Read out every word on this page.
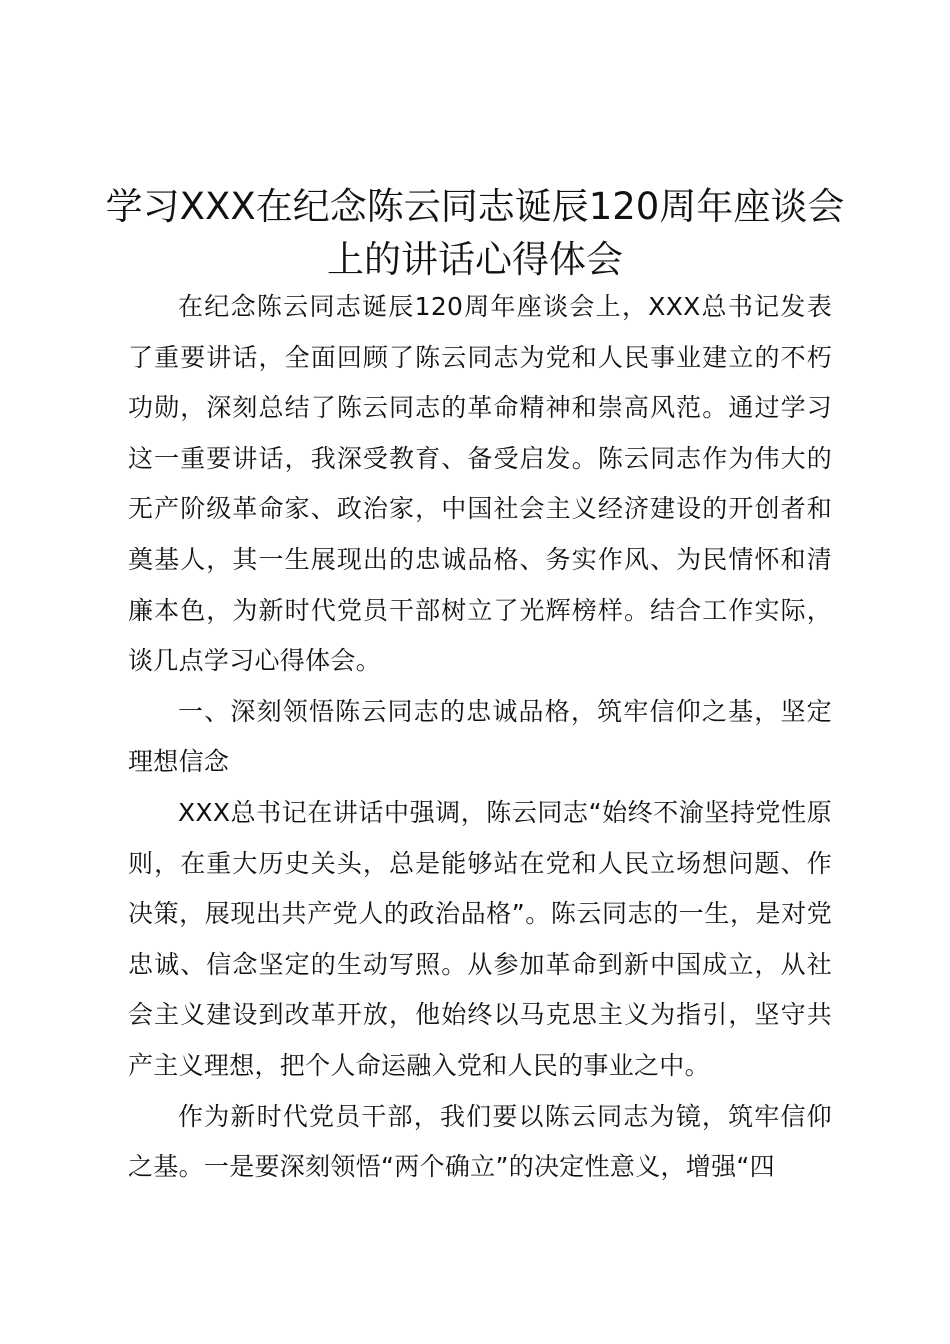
学习XXX在纪念陈云同志诞辰120周年座谈会上的讲话心得体会

在纪念陈云同志诞辰120周年座谈会上，XXX总书记发表了重要讲话，全面回顾了陈云同志为党和人民事业建立的不朽功勋，深刻总结了陈云同志的革命精神和崇高风范。通过学习这一重要讲话，我深受教育、备受启发。陈云同志作为伟大的无产阶级革命家、政治家，中国社会主义经济建设的开创者和奠基人，其一生展现出的忠诚品格、务实作风、为民情怀和清廉本色，为新时代党员干部树立了光辉榜样。结合工作实际，谈几点学习心得体会。

一、深刻领悟陈云同志的忠诚品格，筑牢信仰之基，坚定理想信念

XXX总书记在讲话中强调，陈云同志“始终不渝坚持党性原则，在重大历史关头，总是能够站在党和人民立场想问题、作决策，展现出共产党人的政治品格”。陈云同志的一生，是对党忠诚、信念坚定的生动写照。从参加革命到新中国成立，从社会主义建设到改革开放，他始终以马克思主义为指引，坚守共产主义理想，把个人命运融入党和人民的事业之中。

作为新时代党员干部，我们要以陈云同志为镜，筑牢信仰之基。一是要深刻领悟“两个确立”的决定性意义，增强“四
